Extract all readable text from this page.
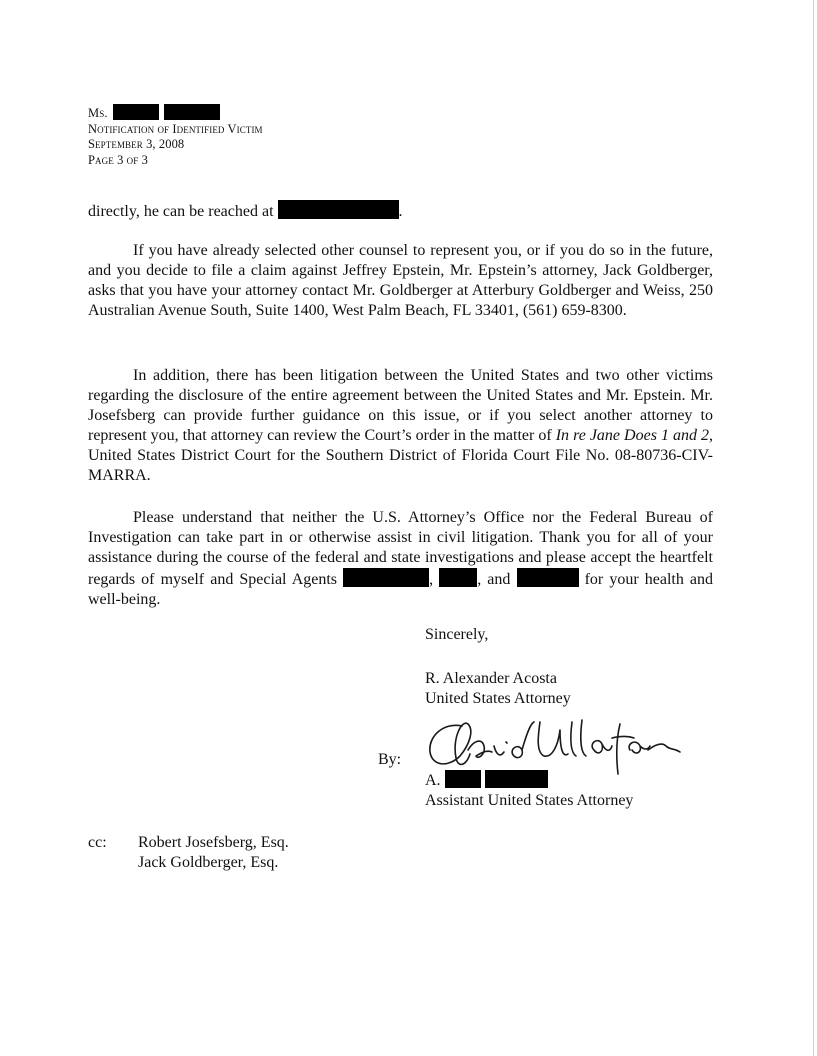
Ms.
Notification of Identified Victim
September 3, 2008
Page 3 of 3

directly, he can be reached at	.

If you have already selected other counsel to represent you, or if you do so in the future, and you decide to file a claim against Jeffrey Epstein, Mr. Epstein’s attorney, Jack Goldberger, asks that you have your attorney contact Mr. Goldberger at Atterbury Goldberger and Weiss, 250 Australian Avenue South, Suite 1400, West Palm Beach, FL 33401, (561) 659-8300.

In addition, there has been litigation between the United States and two other victims regarding the disclosure of the entire agreement between the United States and Mr. Epstein. Mr. Josefsberg can provide further guidance on this issue, or if you select another attorney to represent you, that attorney can review the Court’s order in the matter of In re Jane Does 1 and 2, United States District Court for the Southern District of Florida Court File No. 08-80736-CIV-MARRA.

Please understand that neither the U.S. Attorney’s Office nor the Federal Bureau of Investigation can take part in or otherwise assist in civil litigation. Thank you for all of your assistance during the course of the federal and state investigations and please accept the heartfelt regards of myself and Special Agents	,	, and	for your health and well-being.

Sincerely,
R. Alexander Acosta
United States Attorney
By:
A.
Assistant United States Attorney
cc: Robert Josefsberg, Esq.
Jack Goldberger, Esq.
